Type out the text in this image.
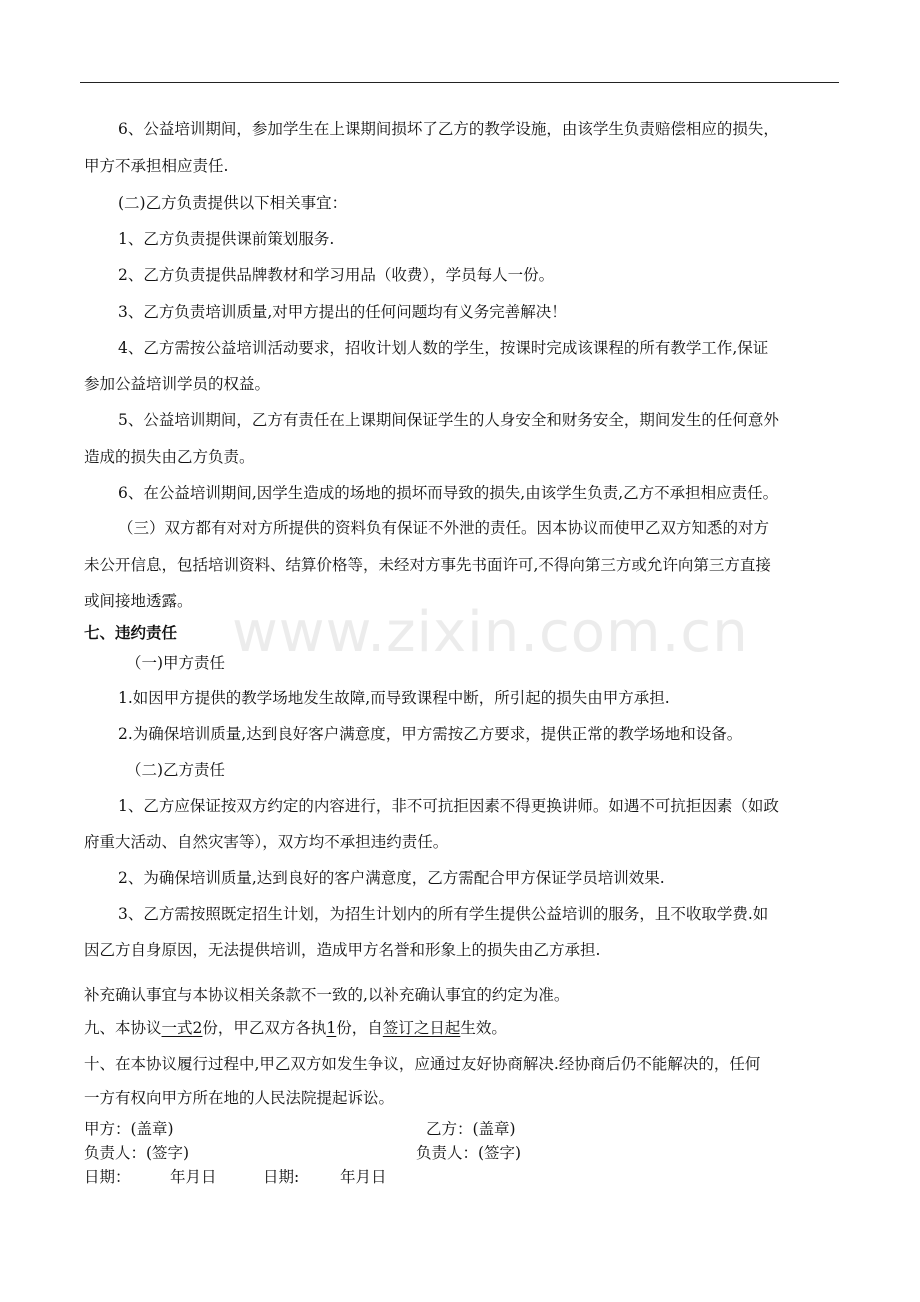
6、公益培训期间，参加学生在上课期间损坏了乙方的教学设施，由该学生负责赔偿相应的损失，
甲方不承担相应责任.
(二)乙方负责提供以下相关事宜：
1、乙方负责提供课前策划服务.
2、乙方负责提供品牌教材和学习用品（收费），学员每人一份。
3、乙方负责培训质量,对甲方提出的任何问题均有义务完善解决！
4、乙方需按公益培训活动要求，招收计划人数的学生，按课时完成该课程的所有教学工作,保证
参加公益培训学员的权益。
5、公益培训期间，乙方有责任在上课期间保证学生的人身安全和财务安全，期间发生的任何意外
造成的损失由乙方负责。
6、在公益培训期间,因学生造成的场地的损坏而导致的损失,由该学生负责,乙方不承担相应责任。
（三）双方都有对对方所提供的资料负有保证不外泄的责任。因本协议而使甲乙双方知悉的对方
未公开信息，包括培训资料、结算价格等，未经对方事先书面许可,不得向第三方或允许向第三方直接
或间接地透露。
七、违约责任
（一)甲方责任
1.如因甲方提供的教学场地发生故障,而导致课程中断，所引起的损失由甲方承担.
2.为确保培训质量,达到良好客户满意度，甲方需按乙方要求，提供正常的教学场地和设备。
（二)乙方责任
1、乙方应保证按双方约定的内容进行，非不可抗拒因素不得更换讲师。如遇不可抗拒因素（如政
府重大活动、自然灾害等），双方均不承担违约责任。
2、为确保培训质量,达到良好的客户满意度，乙方需配合甲方保证学员培训效果.
3、乙方需按照既定招生计划，为招生计划内的所有学生提供公益培训的服务，且不收取学费.如
因乙方自身原因，无法提供培训，造成甲方名誉和形象上的损失由乙方承担.
补充确认事宜与本协议相关条款不一致的,以补充确认事宜的约定为准。
九、本协议一式2份，甲乙双方各执1份，自签订之日起生效。
十、在本协议履行过程中,甲乙双方如发生争议，应通过友好协商解决.经协商后仍不能解决的，任何
一方有权向甲方所在地的人民法院提起诉讼。
甲方：(盖章)	乙方：(盖章)
负责人：(签字)	负责人：(签字)
日期：	年月日	日期:	年月日
www.zixin.com.cn
